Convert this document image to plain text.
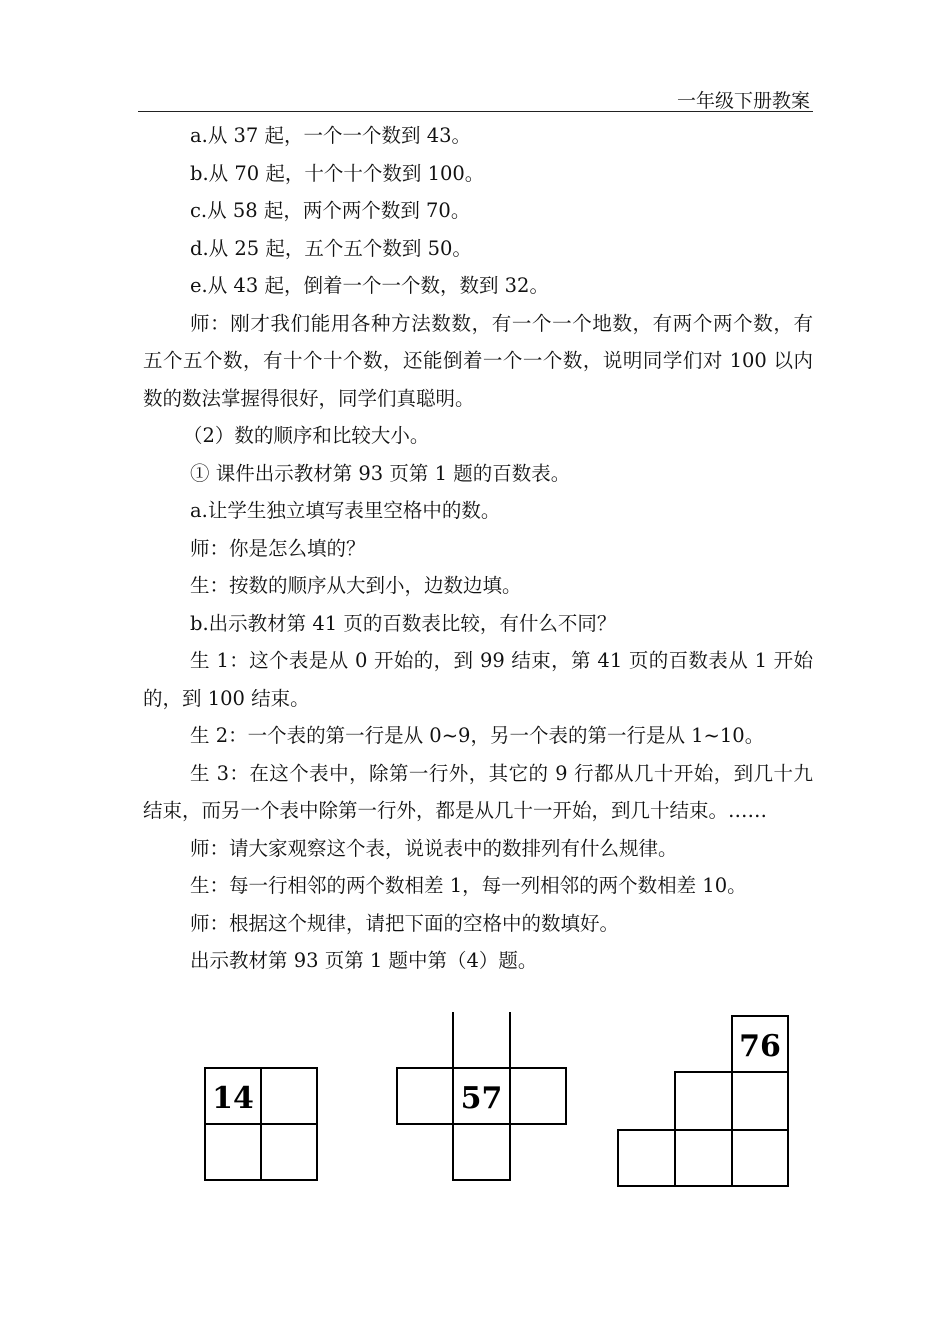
一年级下册教案

a.从 37 起，一个一个数到 43。

b.从 70 起，十个十个数到 100。

c.从 58 起，两个两个数到 70。

d.从 25 起，五个五个数到 50。

e.从 43 起，倒着一个一个数，数到 32。

师：刚才我们能用各种方法数数，有一个一个地数，有两个两个数，有五个五个数，有十个十个数，还能倒着一个一个数，说明同学们对 100 以内数的数法掌握得很好，同学们真聪明。

（2）数的顺序和比较大小。

① 课件出示教材第 93 页第 1 题的百数表。

a.让学生独立填写表里空格中的数。

师：你是怎么填的？

生：按数的顺序从大到小，边数边填。

b.出示教材第 41 页的百数表比较，有什么不同？

生 1：这个表是从 0 开始的，到 99 结束，第 41 页的百数表从 1 开始的，到 100 结束。

生 2：一个表的第一行是从 0~9，另一个表的第一行是从 1~10。

生 3：在这个表中，除第一行外，其它的 9 行都从几十开始，到几十九结束，而另一个表中除第一行外，都是从几十一开始，到几十结束。……

师：请大家观察这个表，说说表中的数排列有什么规律。

生：每一行相邻的两个数相差 1，每一列相邻的两个数相差 10。

师：根据这个规律，请把下面的空格中的数填好。

出示教材第 93 页第 1 题中第（4）题。

14	57
76
